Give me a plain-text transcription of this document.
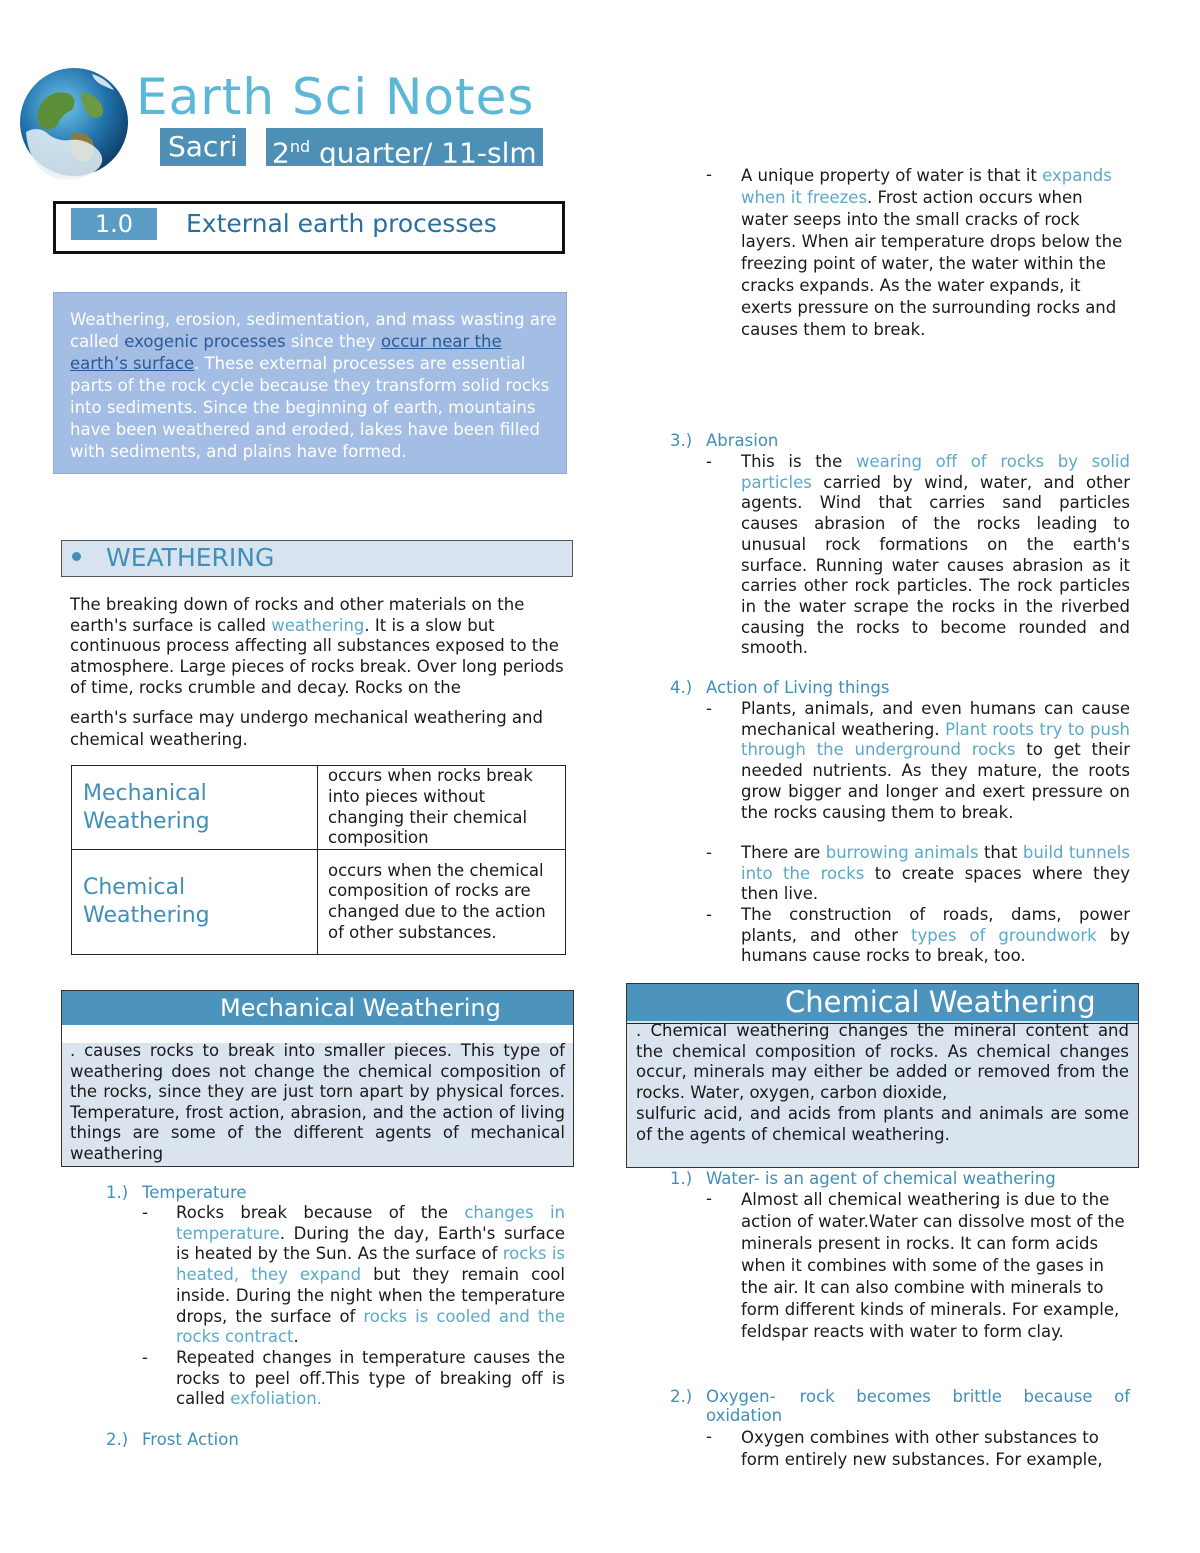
Earth Sci Notes
Sacri 2nd quarter/ 11-slm
1.0	External earth processes
Weathering, erosion, sedimentation, and mass wasting are called exogenic processes since they occur near the earth’s surface. These external processes are essential parts of the rock cycle because they transform solid rocks into sediments. Since the beginning of earth, mountains have been weathered and eroded, lakes have been filled with sediments, and plains have formed.
WEATHERING
The breaking down of rocks and other materials on the earth's surface is called weathering. It is a slow but continuous process affecting all substances exposed to the atmosphere. Large pieces of rocks break. Over long periods of time, rocks crumble and decay. Rocks on the
earth's surface may undergo mechanical weathering and chemical weathering.
Mechanical Weathering	occurs when rocks break into pieces without changing their chemical composition
Chemical Weathering	occurs when the chemical composition of rocks are changed due to the action of other substances.
Mechanical Weathering
. causes rocks to break into smaller pieces. This type of weathering does not change the chemical composition of the rocks, since they are just torn apart by physical forces. Temperature, frost action, abrasion, and the action of living things are some of the different agents of mechanical weathering
1.) Temperature
- Rocks break because of the changes in temperature. During the day, Earth's surface is heated by the Sun. As the surface of rocks is heated, they expand but they remain cool inside. During the night when the temperature drops, the surface of rocks is cooled and the rocks contract.
- Repeated changes in temperature causes the rocks to peel off.This type of breaking off is called exfoliation.
2.) Frost Action
- A unique property of water is that it expands when it freezes. Frost action occurs when water seeps into the small cracks of rock layers. When air temperature drops below the freezing point of water, the water within the cracks expands. As the water expands, it exerts pressure on the surrounding rocks and causes them to break.
3.) Abrasion
- This is the wearing off of rocks by solid particles carried by wind, water, and other agents. Wind that carries sand particles causes abrasion of the rocks leading to unusual rock formations on the earth's surface. Running water causes abrasion as it carries other rock particles. The rock particles in the water scrape the rocks in the riverbed causing the rocks to become rounded and smooth.
4.) Action of Living things
- Plants, animals, and even humans can cause mechanical weathering. Plant roots try to push through the underground rocks to get their needed nutrients. As they mature, the roots grow bigger and longer and exert pressure on the rocks causing them to break.
- There are burrowing animals that build tunnels into the rocks to create spaces where they then live.
- The construction of roads, dams, power plants, and other types of groundwork by humans cause rocks to break, too.
Chemical Weathering
. Chemical weathering changes the mineral content and the chemical composition of rocks. As chemical changes occur, minerals may either be added or removed from the rocks. Water, oxygen, carbon dioxide,
sulfuric acid, and acids from plants and animals are some of the agents of chemical weathering.
1.) Water- is an agent of chemical weathering
- Almost all chemical weathering is due to the action of water.Water can dissolve most of the minerals present in rocks. It can form acids when it combines with some of the gases in the air. It can also combine with minerals to form different kinds of minerals. For example, feldspar reacts with water to form clay.
2.) Oxygen- rock becomes brittle because of
oxidation
- Oxygen combines with other substances to form entirely new substances. For example,
